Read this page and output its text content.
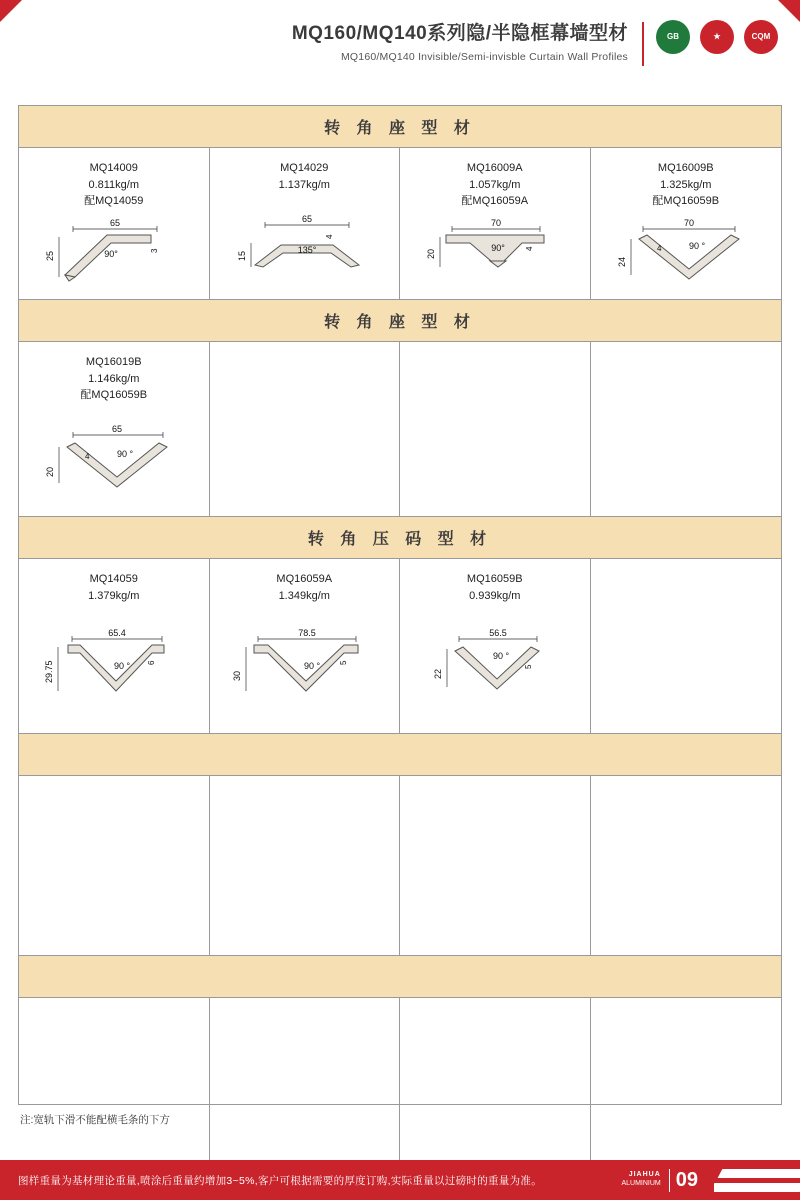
MQ160/MQ140系列隐/半隐框幕墙型材
MQ160/MQ140 Invisible/Semi-invisble Curtain Wall Profiles
GB	★	CQM
转 角 座 型 材
MQ14009
0.811kg/m
配MQ14059
65
25	90°	3
MQ14029
1.137kg/m
65
15
135°
4
MQ16009A
1.057kg/m
配MQ16059A
70
20
90°	4
MQ16009B
1.325kg/m
配MQ16059B
70
24
90 °
4
转 角 座 型 材
MQ16019B
1.146kg/m
配MQ16059B
65
20
90 °
4
转 角 压 码 型 材
MQ14059
1.379kg/m
65.4
29.75	90 ° 6
MQ16059A
1.349kg/m
78.5
30
90 ° 5
MQ16059B
0.939kg/m
56.5
22
90 °
5
注:宽轨下滑不能配横毛条的下方
图样重量为基材理论重量,喷涂后重量约增加3~5%,客户可根据需要的厚度订购,实际重量以过磅时的重量为准。	JIAHUA
ALUMINIUM 09
